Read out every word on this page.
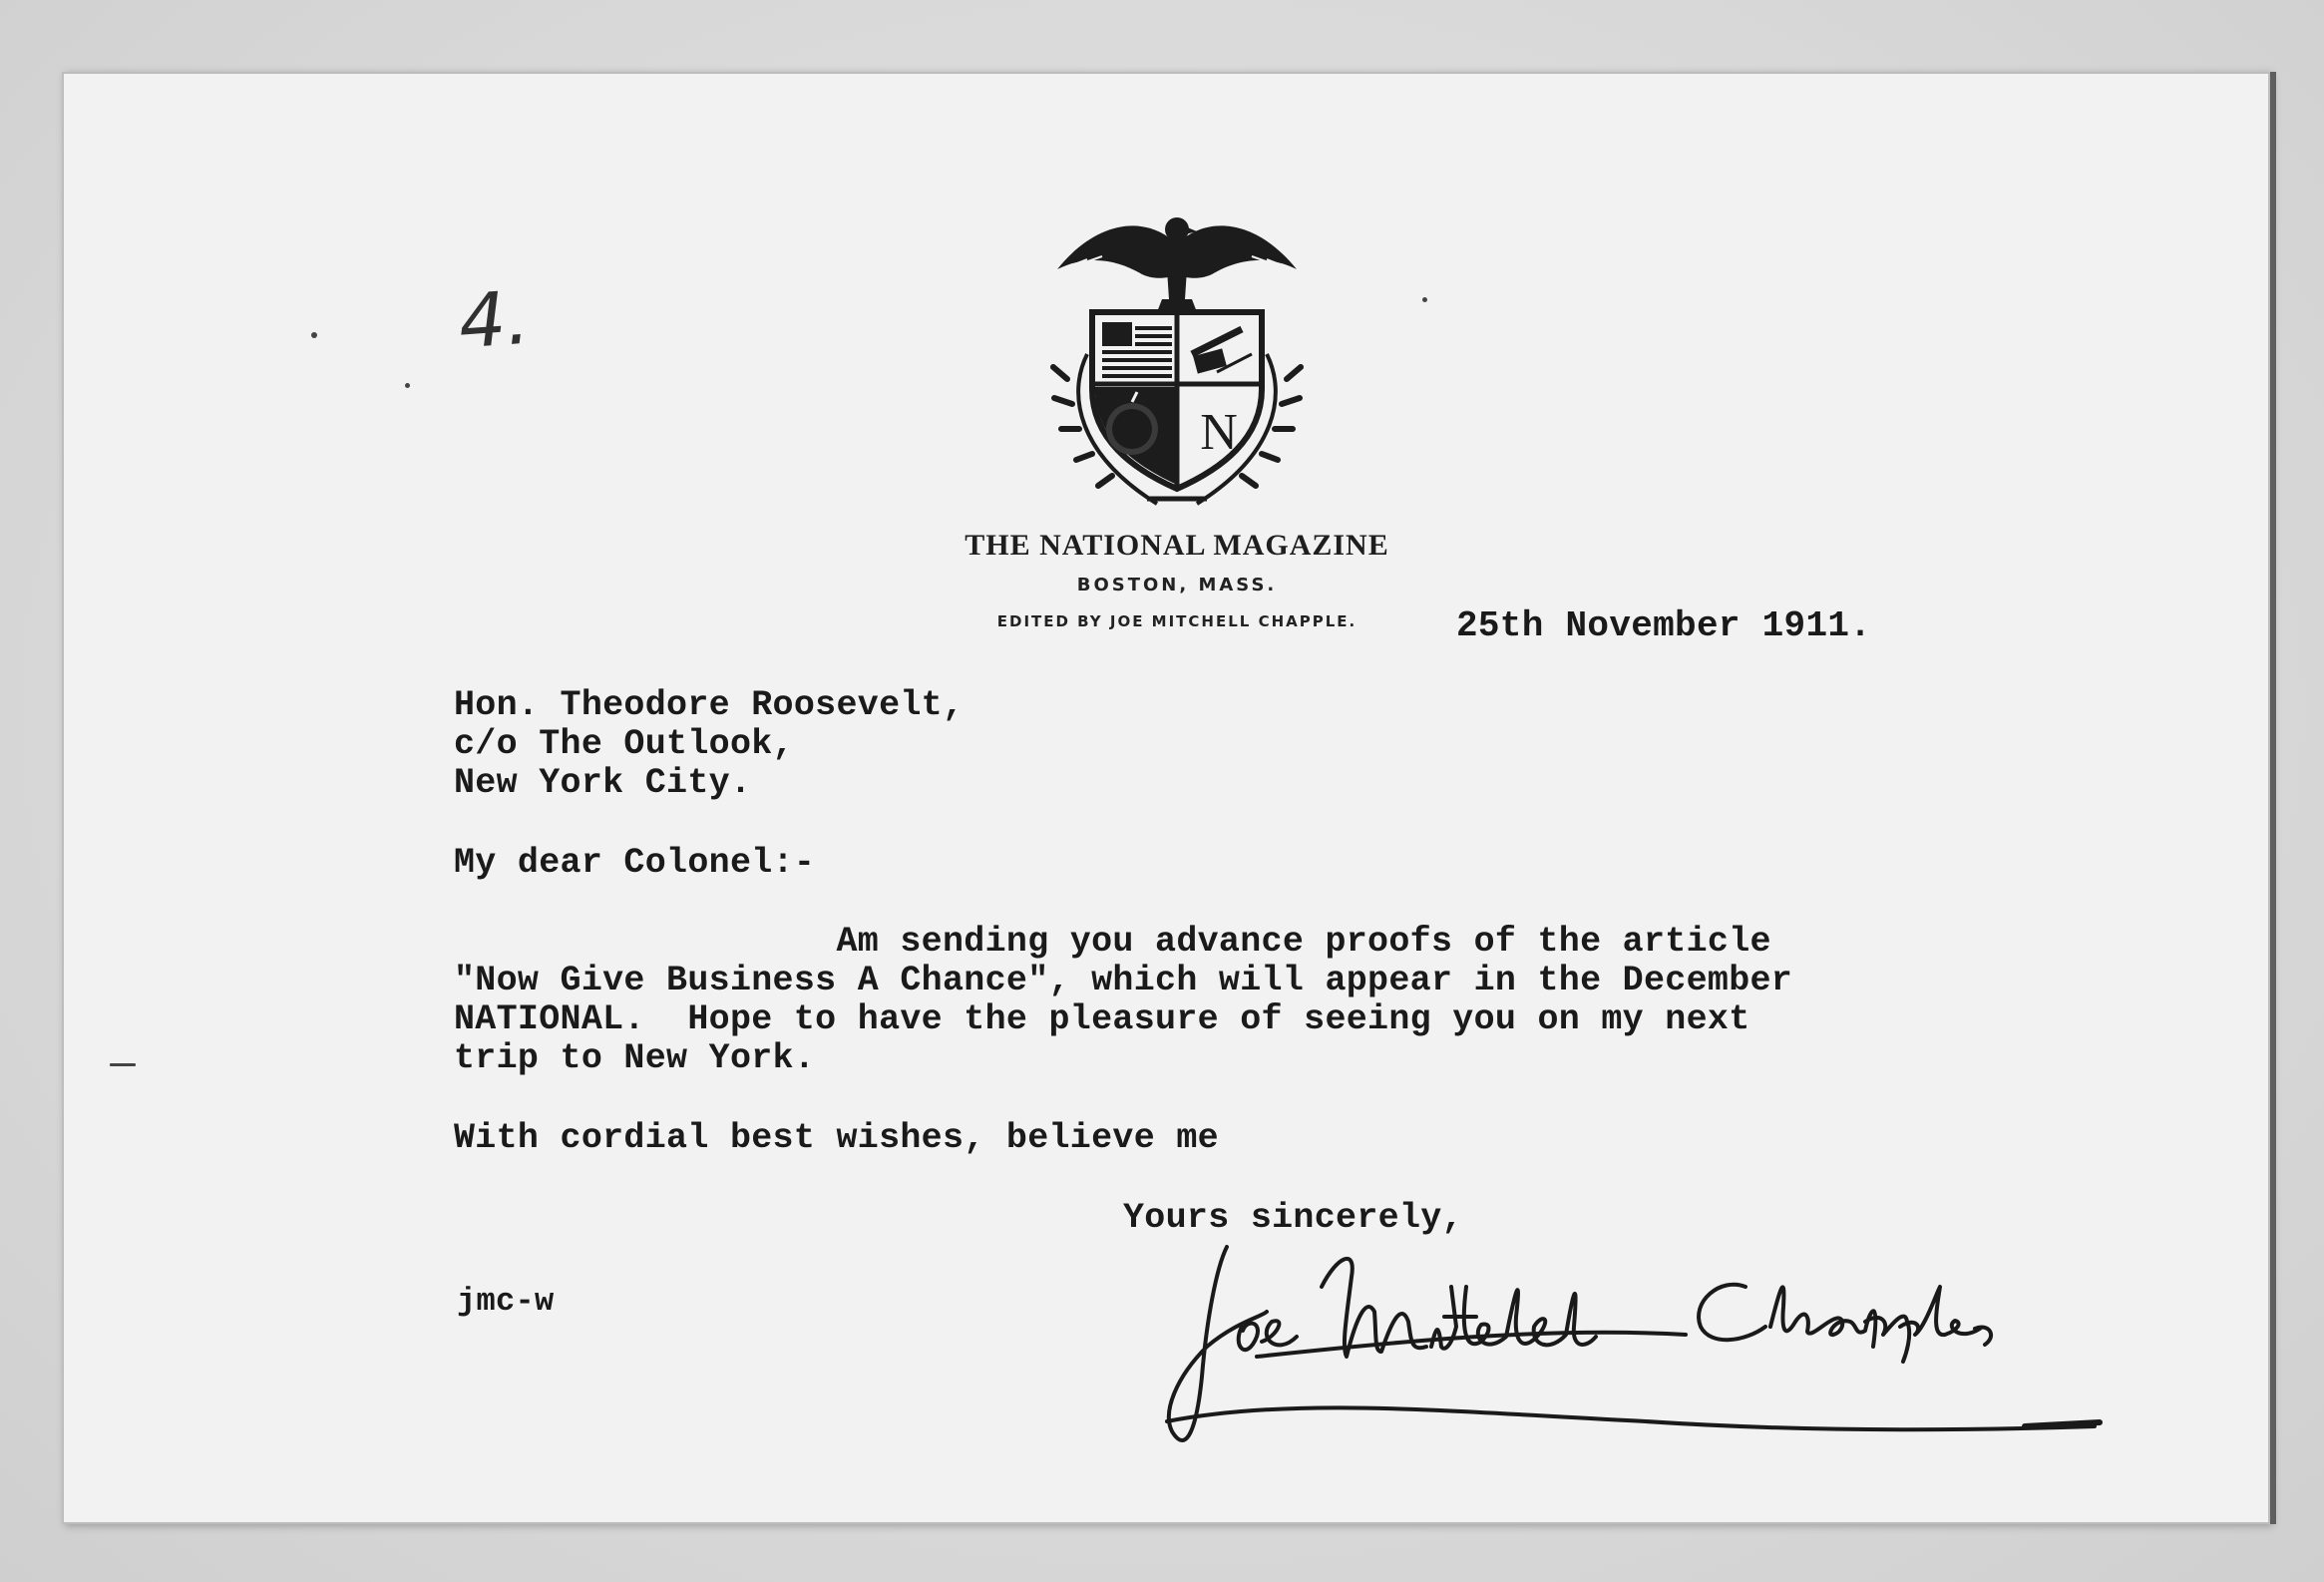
4.
N
THE NATIONAL MAGAZINE
BOSTON, MASS.
EDITED BY JOE MITCHELL CHAPPLE.	25th November 1911.
Hon. Theodore Roosevelt,
c/o The Outlook,
New York City.
My dear Colonel:-
Am sending you advance proofs of the article
"Now Give Business A Chance", which will appear in the December
NATIONAL.  Hope to have the pleasure of seeing you on my next
trip to New York.
With cordial best wishes, believe me
Yours sincerely,
jmc-w
